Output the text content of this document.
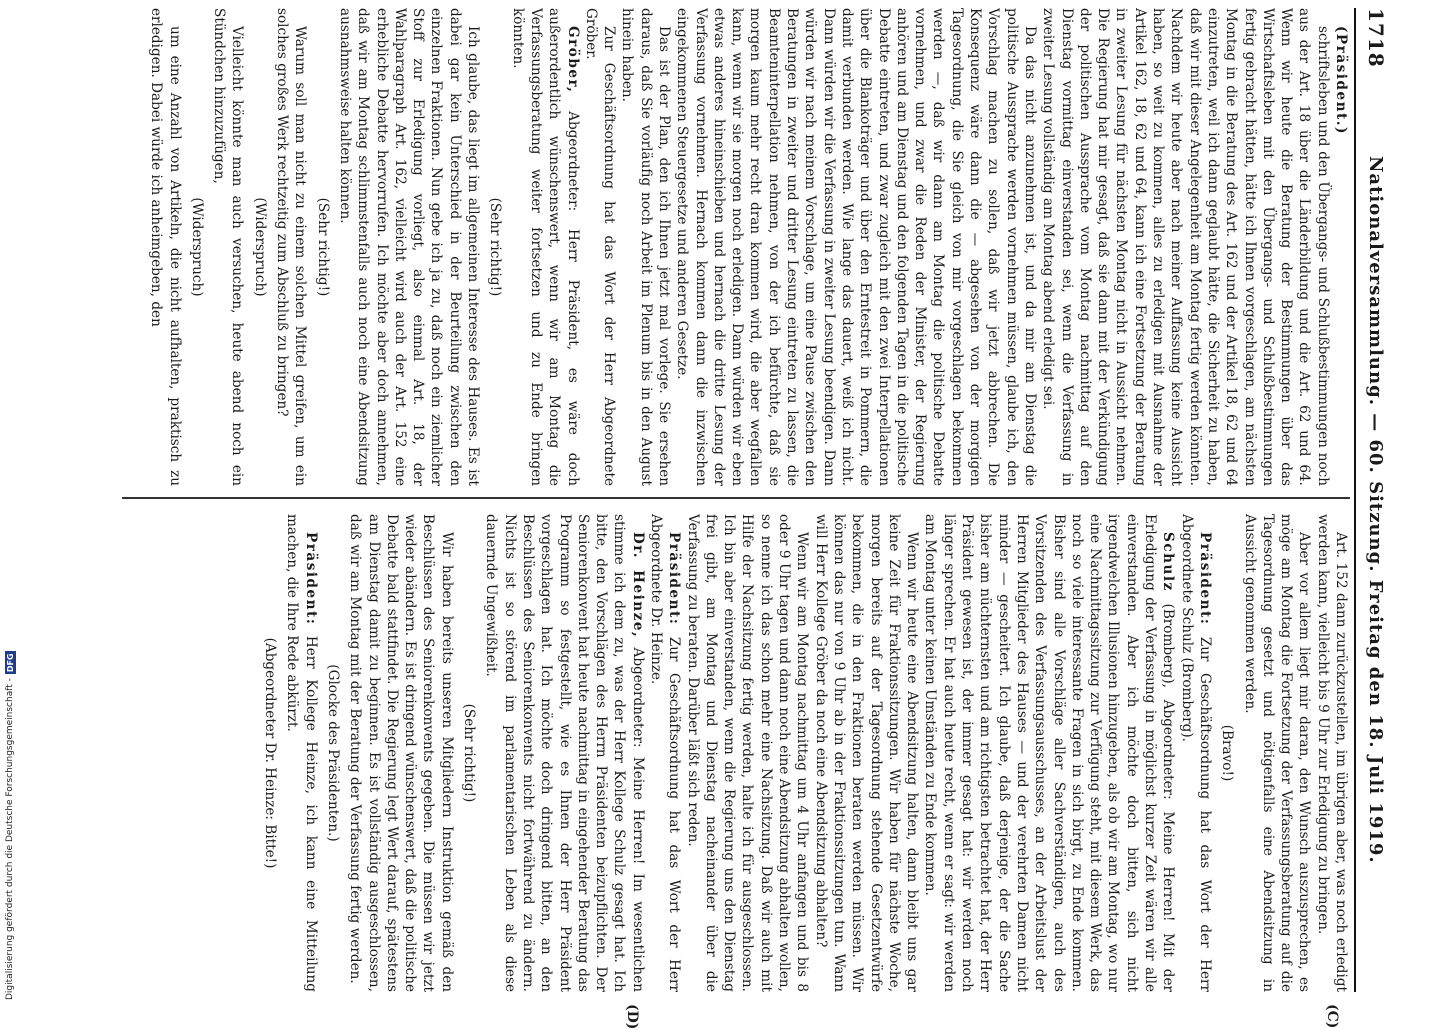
1718
Nationalversammlung. — 60. Sitzung. Freitag den 18. Juli 1919.
(C)
(D)

(Präsident.)

schriftsleben und den Übergangs- und Schlußbestimmungen noch aus der Art. 18 über die Länderbildung und die Art. 62 und 64. Wenn wir heute die Beratung der Bestimmungen über das Wirtschaftsleben mit den Übergangs- und Schlußbestimmungen fertig gebracht hätten, hätte ich Ihnen vorgeschlagen, am nächsten Montag in die Beratung des Art. 162 und der Artikel 18, 62 und 64 einzutreten, weil ich dann geglaubt hätte, die Sicherheit zu haben, daß wir mit dieser Angelegenheit am Montag fertig werden könnten. Nachdem wir heute aber nach meiner Auffassung keine Aussicht haben, so weit zu kommen, alles zu erledigen mit Ausnahme der Artikel 162, 18, 62 und 64, kann ich eine Fortsetzung der Beratung in zweiter Lesung für nächsten Montag nicht in Aussicht nehmen. Die Regierung hat mir gesagt, daß sie dann mit der Verkündigung der politischen Aussprache vom Montag nachmittag auf den Dienstag vormittag einverstanden sei, wenn die Verfassung in zweiter Lesung vollständig am Montag abend erledigt sei.

Da das nicht anzunehmen ist, und da mir am Dienstag die politische Aussprache werden vornehmen müssen, glaube ich, den Vorschlag machen zu sollen, daß wir jetzt abbrechen. Die Konsequenz wäre dann die — abgesehen von der morgigen Tagesordnung, die Sie gleich von mir vorgeschlagen bekommen werden —, daß wir dann am Montag die politische Debatte vornehmen, und zwar die Reden der Minister, der Regierung anhören und am Dienstag und den folgenden Tagen in die politische Debatte eintreten, und zwar zugleich mit den zwei Interpellationen über die Blankoträger und über den Erntestreit in Pommern, die damit verbunden werden. Wie lange das dauert, weiß ich nicht. Dann würden wir die Verfassung in zweiter Lesung beendigen. Dann würden wir nach meinem Vorschlage, um eine Pause zwischen den Beratungen in zweiter und dritter Lesung eintreten zu lassen, die Beamteninterpellation nehmen, von der ich befürchte, daß sie morgen kaum mehr recht dran kommen wird, die aber wegfallen kann, wenn wir sie morgen noch erledigen. Dann würden wir eben etwas anderes hineinschieben und hernach die dritte Lesung der Verfassung vornehmen. Hernach kommen dann die inzwischen eingekommenen Steuergesetze und anderen Gesetze.

Das ist der Plan, den ich Ihnen jetzt mal vorlege. Sie ersehen daraus, daß Sie vorläufig noch Arbeit im Plenum bis in den August hinein haben.

Zur Geschäftsordnung hat das Wort der Herr Abgeordnete Gröber.

Gröber, Abgeordneter: Herr Präsident, es wäre doch außerordentlich wünschenswert, wenn wir am Montag die Verfassungsberatung weiter fortsetzen und zu Ende bringen könnten.

(Sehr richtig!)

Ich glaube, das liegt im allgemeinen Interesse des Hauses. Es ist dabei gar kein Unterschied in der Beurteilung zwischen den einzelnen Fraktionen. Nun gebe ich ja zu, daß noch ein ziemlicher Stoff zur Erledigung vorliegt, also einmal Art. 18, der Wahlparagraph Art. 162, vielleicht wird auch der Art. 152 eine erhebliche Debatte hervorrufen. Ich möchte aber doch annehmen, daß wir am Montag schlimmstenfalls auch noch eine Abendsitzung ausnahmsweise halten können.

(Sehr richtig!)

Warum soll man nicht zu einem solchen Mittel greifen, um ein solches großes Werk rechtzeitig zum Abschluß zu bringen?

(Widerspruch)

Vielleicht könnte man auch versuchen, heute abend noch ein Stündchen hinzuzufügen,

(Widerspruch)

um eine Anzahl von Artikeln, die nicht aufhalten, praktisch zu erledigen. Dabei würde ich anheimgeben, den

Art. 152 dann zurückzustellen, im übrigen aber, was noch erledigt werden kann, vielleicht bis 9 Uhr zur Erledigung zu bringen.

Aber vor allem liegt mir daran, den Wunsch auszusprechen, es möge am Montag die Fortsetzung der Verfassungsberatung auf die Tagesordnung gesetzt und nötigenfalls eine Abendsitzung in Aussicht genommen werden.

(Bravo!)

Präsident: Zur Geschäftsordnung hat das Wort der Herr Abgeordnete Schulz (Bromberg).

Schulz (Bromberg), Abgeordneter: Meine Herren! Mit der Erledigung der Verfassung in möglichst kurzer Zeit wären wir alle einverstanden. Aber ich möchte doch bitten, sich nicht irgendwelchen Illusionen hinzugeben, als ob wir am Montag, wo nur eine Nachmittagssitzung zur Verfügung steht, mit diesem Werk, das noch so viele interessante Fragen in sich birgt, zu Ende kommen. Bisher sind alle Vorschläge aller Sachverständigen, auch des Vorsitzenden des Verfassungsausschusses, an der Arbeitslust der Herren Mitglieder des Hauses — und der verehrten Damen nicht minder — gescheitert. Ich glaube, daß derjenige, der die Sache bisher am nüchternsten und am richtigsten betrachtet hat, der Herr Präsident gewesen ist, der immer gesagt hat: wir werden noch länger sprechen. Er hat auch heute recht, wenn er sagt: wir werden am Montag unter keinen Umständen zu Ende kommen.

Wenn wir heute eine Abendsitzung halten, dann bleibt uns gar keine Zeit für Fraktionssitzungen. Wir haben für nächste Woche, morgen bereits auf der Tagesordnung stehende Gesetzentwürfe bekommen, die in den Fraktionen beraten werden müssen. Wir können das nur von 9 Uhr ab in der Fraktionssitzungen tun. Wann will Herr Kollege Gröber da noch eine Abendsitzung abhalten?

Wenn wir am Montag nachmittag um 4 Uhr anfangen und bis 8 oder 9 Uhr tagen und dann noch eine Abendsitzung abhalten wollen, so nenne ich das schon mehr eine Nachsitzung. Daß wir auch mit Hilfe der Nachsitzung fertig werden, halte ich für ausgeschlossen. Ich bin aber einverstanden, wenn die Regierung uns den Dienstag frei gibt, am Montag und Dienstag nacheinander über die Verfassung zu beraten. Darüber läßt sich reden.

Präsident: Zur Geschäftsordnung hat das Wort der Herr Abgeordnete Dr. Heinze.

Dr. Heinze, Abgeordneter: Meine Herren! Im wesentlichen stimme ich dem zu, was der Herr Kollege Schulz gesagt hat. Ich bitte, den Vorschlägen des Herrn Präsidenten beizupflichten. Der Seniorenkonvent hat heute nachmittag in eingehender Beratung das Programm so festgestellt, wie es Ihnen der Herr Präsident vorgeschlagen hat. Ich möchte doch dringend bitten, an den Beschlüssen des Seniorenkonvents nicht fortwährend zu ändern. Nichts ist so störend im parlamentarischen Leben als diese dauernde Ungewißheit.

(Sehr richtig!)

Wir haben bereits unseren Mitgliedern Instruktion gemäß den Beschlüssen des Seniorenkonvents gegeben. Die müssen wir jetzt wieder abändern. Es ist dringend wünschenswert, daß die politische Debatte bald stattfindet. Die Regierung legt Wert darauf, spätestens am Dienstag damit zu beginnen. Es ist vollständig ausgeschlossen, daß wir am Montag mit der Beratung der Verfassung fertig werden.

(Glocke des Präsidenten.)

Präsident: Herr Kollege Heinze, ich kann eine Mitteilung machen, die Ihre Rede abkürzt.

(Abgeordneter Dr. Heinze: Bitte!)

Digitalisierung gefördert durch die Deutsche Forschungsgemeinschaft -
DFG
